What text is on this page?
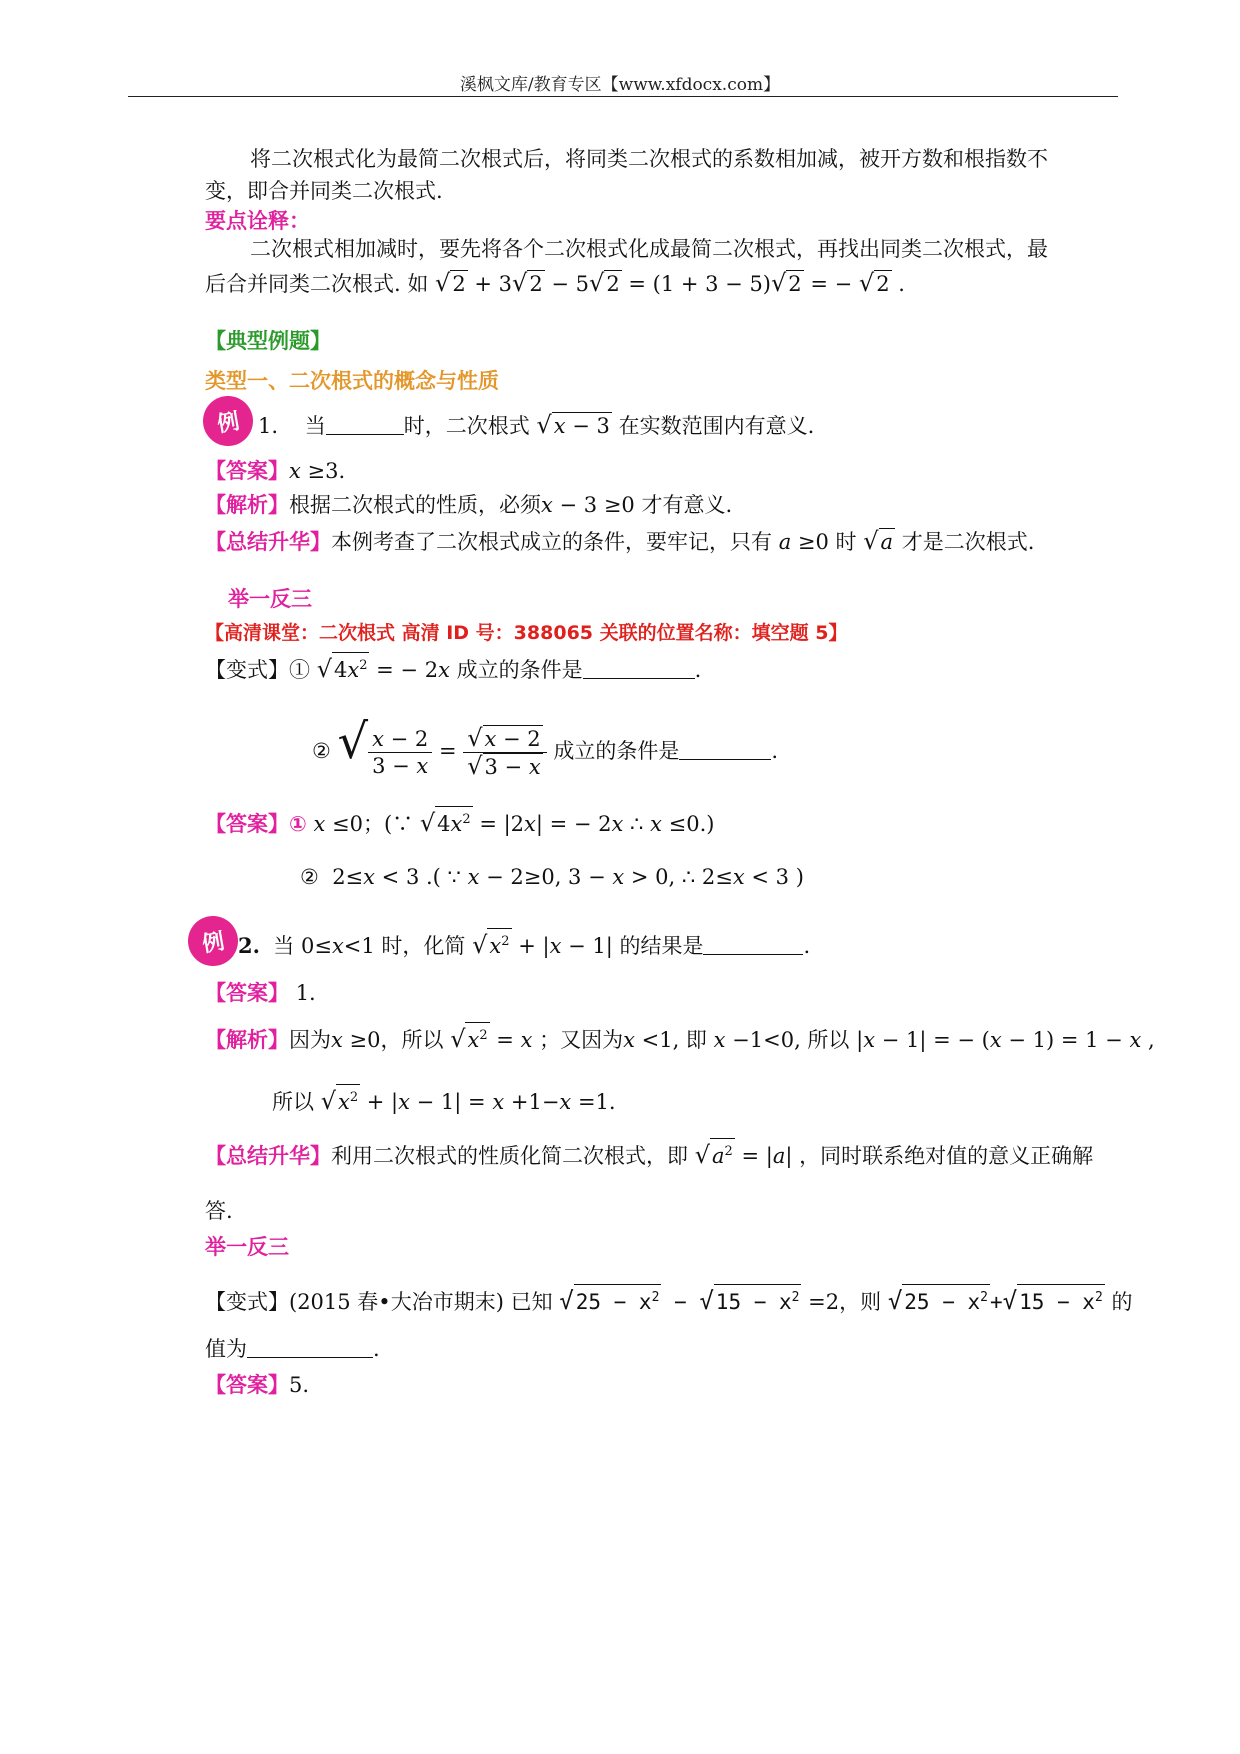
溪枫文库/教育专区【www.xfdocx.com】
将二次根式化为最简二次根式后，将同类二次根式的系数相加减，被开方数和根指数不
变，即合并同类二次根式.
要点诠释：
二次根式相加减时，要先将各个二次根式化成最简二次根式，再找出同类二次根式，最
后合并同类二次根式. 如 √2 + 3√2 − 5√2 = (1 + 3 − 5)√2 = − √2 .
【典型例题】
类型一、二次根式的概念与性质
例 1. 当	时，二次根式 √x − 3 在实数范围内有意义.
【答案】x ≥3.
【解析】根据二次根式的性质，必须x − 3 ≥0 才有意义.
【总结升华】本例考查了二次根式成立的条件，要牢记，只有 a ≥0 时 √a 才是二次根式.
举一反三
【高清课堂：二次根式 高清 ID 号：388065 关联的位置名称：填空题 5】
【变式】① $√4x^2$ = − 2x 成立的条件是	.
② √ $\frac{x - 2}{3 - x} = \frac{√x - 2}{√3 - x}$ 成立的条件是	.
【答案】① x ≤0；(∵ $√4x^2 = |2x|$ = − 2x ∴ x ≤0.)
② 2≤x < 3 .( ∵ x − 2≥0, 3 − x > 0, ∴ 2≤x < 3 )
例 2. 当 0≤x<1 时，化简 $√x^2 + |x - 1|$ 的结果是	.
【答案】 1.
【解析】因为x ≥0，所以 $√x^2 = x$ ；又因为x <1, 即 x −1<0, 所以 |x − 1| = − (x − 1) = 1 − x ,
所以 $√x^2 + |x - 1| = x +1-x =1$.
【总结升华】利用二次根式的性质化简二次根式，即 $√a^2 = |a|$ ，同时联系绝对值的意义正确解
答.
举一反三
【变式】(2015 春•大冶市期末) 已知 $√25 - x^2 - √15 - x^2 =2$，则 $√25 - x^2+√15 - x^2$ 的
值为	.
【答案】5.
